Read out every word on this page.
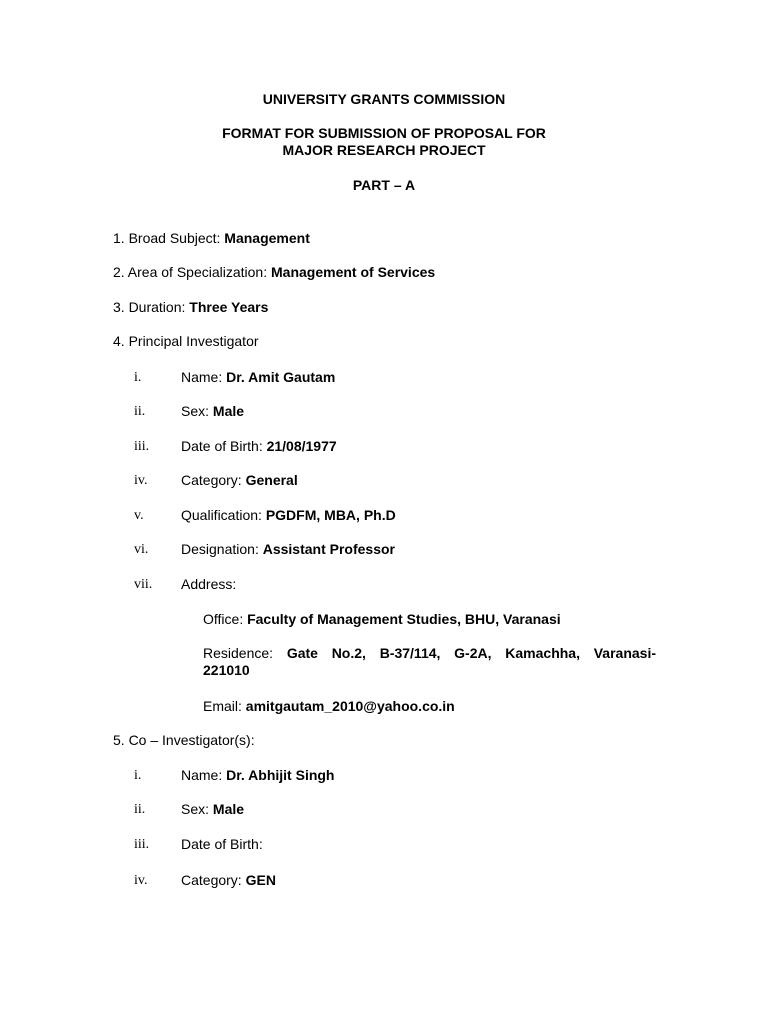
UNIVERSITY GRANTS COMMISSION
FORMAT FOR SUBMISSION OF PROPOSAL FOR
MAJOR RESEARCH PROJECT
PART – A
1. Broad Subject: Management
2. Area of Specialization: Management of Services
3. Duration: Three Years
4. Principal Investigator
i.	Name: Dr. Amit Gautam
ii.	Sex: Male
iii. Date of Birth: 21/08/1977
iv. Category: General
v.	Qualification: PGDFM, MBA, Ph.D
vi. Designation: Assistant Professor
vii. Address:
Office: Faculty of Management Studies, BHU, Varanasi
Residence: Gate No.2, B-37/114, G-2A, Kamachha, Varanasi-
221010
Email: amitgautam_2010@yahoo.co.in
5. Co – Investigator(s):
i.	Name: Dr. Abhijit Singh
ii.	Sex: Male
iii. Date of Birth:
iv. Category: GEN
